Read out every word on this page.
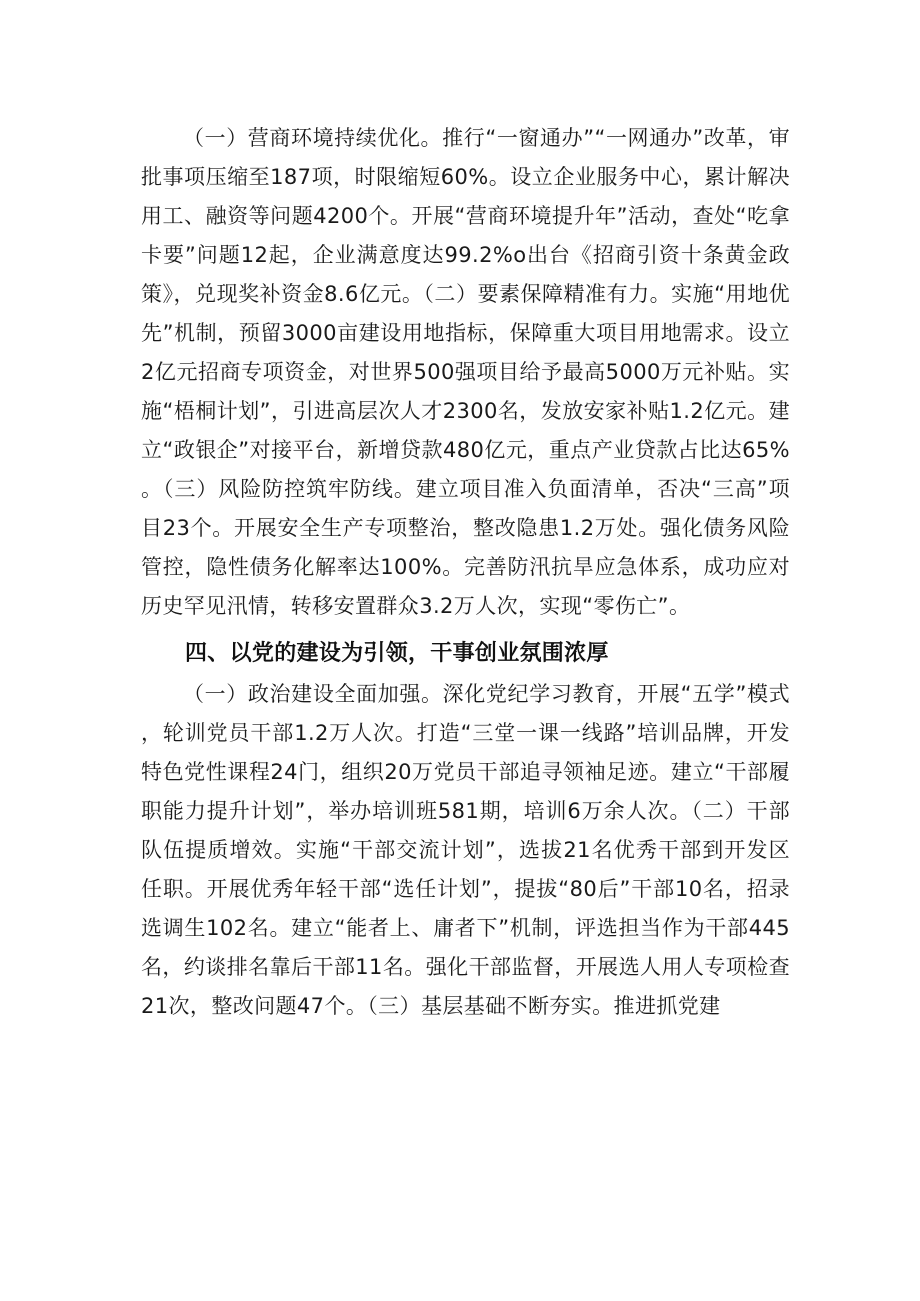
（一）营商环境持续优化。推行“一窗通办”“一网通办”改革，审批事项压缩至187项，时限缩短60%。设立企业服务中心，累计解决用工、融资等问题4200个。开展“营商环境提升年”活动，查处“吃拿卡要”问题12起，企业满意度达99.2%o出台《招商引资十条黄金政策》，兑现奖补资金8.6亿元。（二）要素保障精准有力。实施“用地优先”机制，预留3000亩建设用地指标，保障重大项目用地需求。设立2亿元招商专项资金，对世界500强项目给予最高5000万元补贴。实施“梧桐计划”，引进高层次人才2300名，发放安家补贴1.2亿元。建立“政银企”对接平台，新增贷款480亿元，重点产业贷款占比达65%。（三）风险防控筑牢防线。建立项目准入负面清单，否决“三高”项目23个。开展安全生产专项整治，整改隐患1.2万处。强化债务风险管控，隐性债务化解率达100%。完善防汛抗旱应急体系，成功应对历史罕见汛情，转移安置群众3.2万人次，实现“零伤亡”。

四、以党的建设为引领，干事创业氛围浓厚

（一）政治建设全面加强。深化党纪学习教育，开展“五学”模式，轮训党员干部1.2万人次。打造“三堂一课一线路”培训品牌，开发特色党性课程24门，组织20万党员干部追寻领袖足迹。建立“干部履职能力提升计划”，举办培训班581期，培训6万余人次。（二）干部队伍提质增效。实施“干部交流计划”，选拔21名优秀干部到开发区任职。开展优秀年轻干部“选任计划”，提拔“80后”干部10名，招录选调生102名。建立“能者上、庸者下”机制，评选担当作为干部445名，约谈排名靠后干部11名。强化干部监督，开展选人用人专项检查21次，整改问题47个。（三）基层基础不断夯实。推进抓党建
